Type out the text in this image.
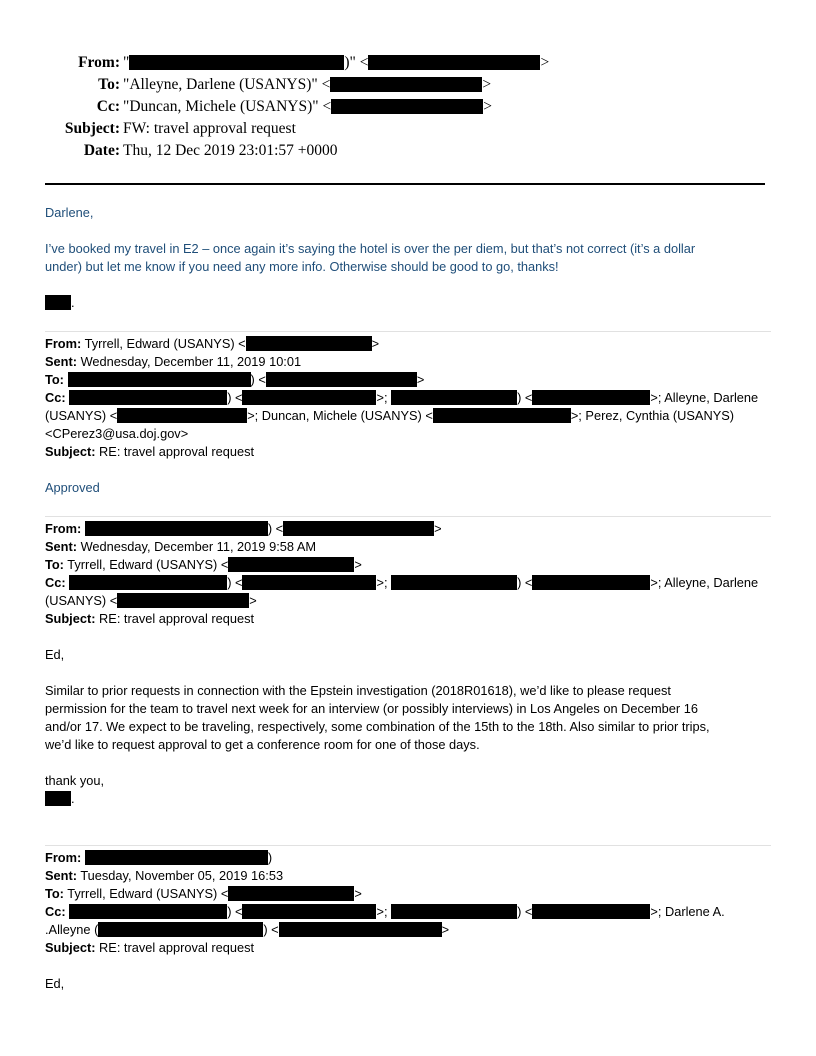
From: "	)" <	>
To: "Alleyne, Darlene (USANYS)" <	>
Cc: "Duncan, Michele (USANYS)" <	>
Subject: FW: travel approval request
Date: Thu, 12 Dec 2019 23:01:57 +0000

Darlene,

I’ve booked my travel in E2 – once again it’s saying the hotel is over the per diem, but that’s not correct (it’s a dollar

under) but let me know if you need any more info. Otherwise should be good to go, thanks!

.

From: Tyrrell, Edward (USANYS) <	>

Sent: Wednesday, December 11, 2019 10:01

To:	) <	>

Cc:	) <	>;	) <	>; Alleyne, Darlene

(USANYS) <	>; Duncan, Michele (USANYS) <	>; Perez, Cynthia (USANYS)

<CPerez3@usa.doj.gov>

Subject: RE: travel approval request

Approved

From:	) <	>

Sent: Wednesday, December 11, 2019 9:58 AM

To: Tyrrell, Edward (USANYS) <	>

Cc:	) <	>;	) <	>; Alleyne, Darlene

(USANYS) <	>

Subject: RE: travel approval request

Ed,

Similar to prior requests in connection with the Epstein investigation (2018R01618), we’d like to please request

permission for the team to travel next week for an interview (or possibly interviews) in Los Angeles on December 16

and/or 17. We expect to be traveling, respectively, some combination of the 15th to the 18th. Also similar to prior trips,

we’d like to request approval to get a conference room for one of those days.

thank you,

.

From:	)

Sent: Tuesday, November 05, 2019 16:53

To: Tyrrell, Edward (USANYS) <	>

Cc:	) <	>;	) <	>; Darlene A.

.Alleyne (	) <	>

Subject: RE: travel approval request

Ed,
